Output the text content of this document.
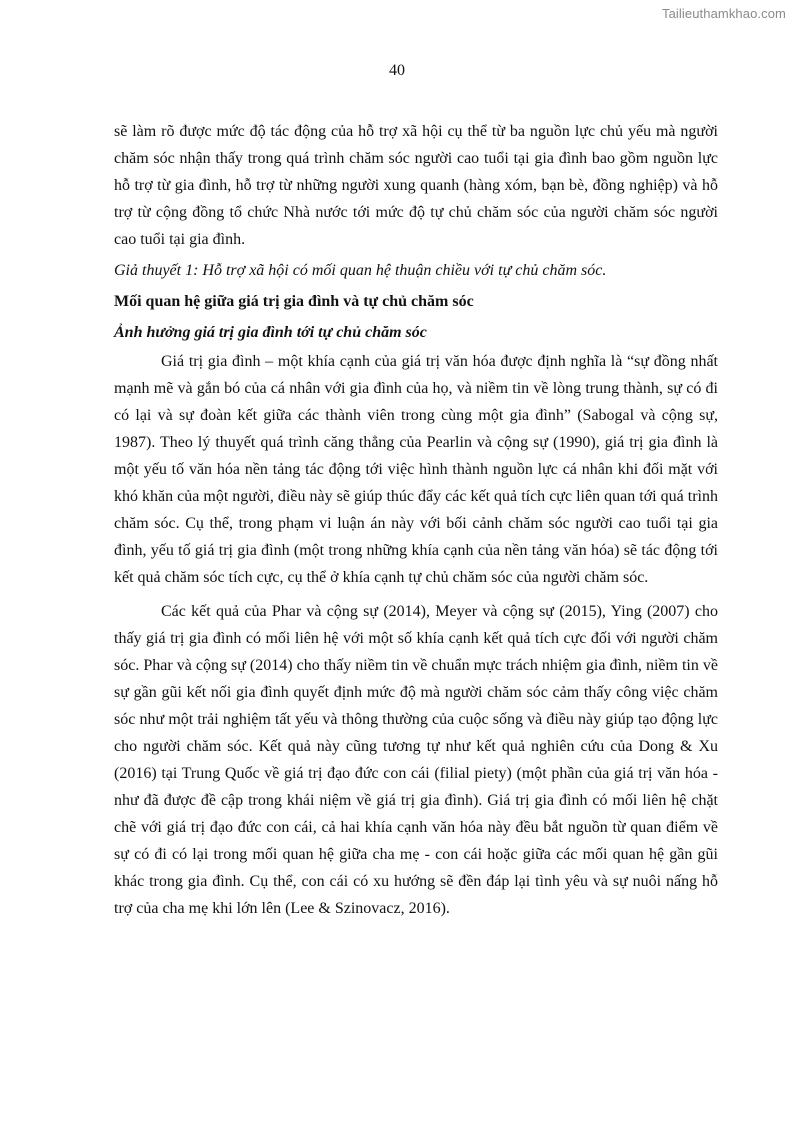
Tailieuthamkhao.com
40

sẽ làm rõ được mức độ tác động của hỗ trợ xã hội cụ thể từ ba nguồn lực chủ yếu mà người chăm sóc nhận thấy trong quá trình chăm sóc người cao tuổi tại gia đình bao gồm nguồn lực hỗ trợ từ gia đình, hỗ trợ từ những người xung quanh (hàng xóm, bạn bè, đồng nghiệp) và hỗ trợ từ cộng đồng tổ chức Nhà nước tới mức độ tự chủ chăm sóc của người chăm sóc người cao tuổi tại gia đình.

Giả thuyết 1: Hỗ trợ xã hội có mối quan hệ thuận chiều với tự chủ chăm sóc.

Mối quan hệ giữa giá trị gia đình và tự chủ chăm sóc

Ảnh hưởng giá trị gia đình tới tự chủ chăm sóc

Giá trị gia đình – một khía cạnh của giá trị văn hóa được định nghĩa là “sự đồng nhất mạnh mẽ và gắn bó của cá nhân với gia đình của họ, và niềm tin về lòng trung thành, sự có đi có lại và sự đoàn kết giữa các thành viên trong cùng một gia đình” (Sabogal và cộng sự, 1987). Theo lý thuyết quá trình căng thẳng của Pearlin và cộng sự (1990), giá trị gia đình là một yếu tố văn hóa nền tảng tác động tới việc hình thành nguồn lực cá nhân khi đối mặt với khó khăn của một người, điều này sẽ giúp thúc đẩy các kết quả tích cực liên quan tới quá trình chăm sóc. Cụ thể, trong phạm vi luận án này với bối cảnh chăm sóc người cao tuổi tại gia đình, yếu tố giá trị gia đình (một trong những khía cạnh của nền tảng văn hóa) sẽ tác động tới kết quả chăm sóc tích cực, cụ thể ở khía cạnh tự chủ chăm sóc của người chăm sóc.

Các kết quả của Phar và cộng sự (2014), Meyer và cộng sự (2015), Ying (2007) cho thấy giá trị gia đình có mối liên hệ với một số khía cạnh kết quả tích cực đối với người chăm sóc. Phar và cộng sự (2014) cho thấy niềm tin về chuẩn mực trách nhiệm gia đình, niềm tin về sự gần gũi kết nối gia đình quyết định mức độ mà người chăm sóc cảm thấy công việc chăm sóc như một trải nghiệm tất yếu và thông thường của cuộc sống và điều này giúp tạo động lực cho người chăm sóc. Kết quả này cũng tương tự như kết quả nghiên cứu của Dong & Xu (2016) tại Trung Quốc về giá trị đạo đức con cái (filial piety) (một phần của giá trị văn hóa - như đã được đề cập trong khái niệm về giá trị gia đình). Giá trị gia đình có mối liên hệ chặt chẽ với giá trị đạo đức con cái, cả hai khía cạnh văn hóa này đều bắt nguồn từ quan điểm về sự có đi có lại trong mối quan hệ giữa cha mẹ - con cái hoặc giữa các mối quan hệ gần gũi khác trong gia đình. Cụ thể, con cái có xu hướng sẽ đền đáp lại tình yêu và sự nuôi nấng hỗ trợ của cha mẹ khi lớn lên (Lee & Szinovacz, 2016).
